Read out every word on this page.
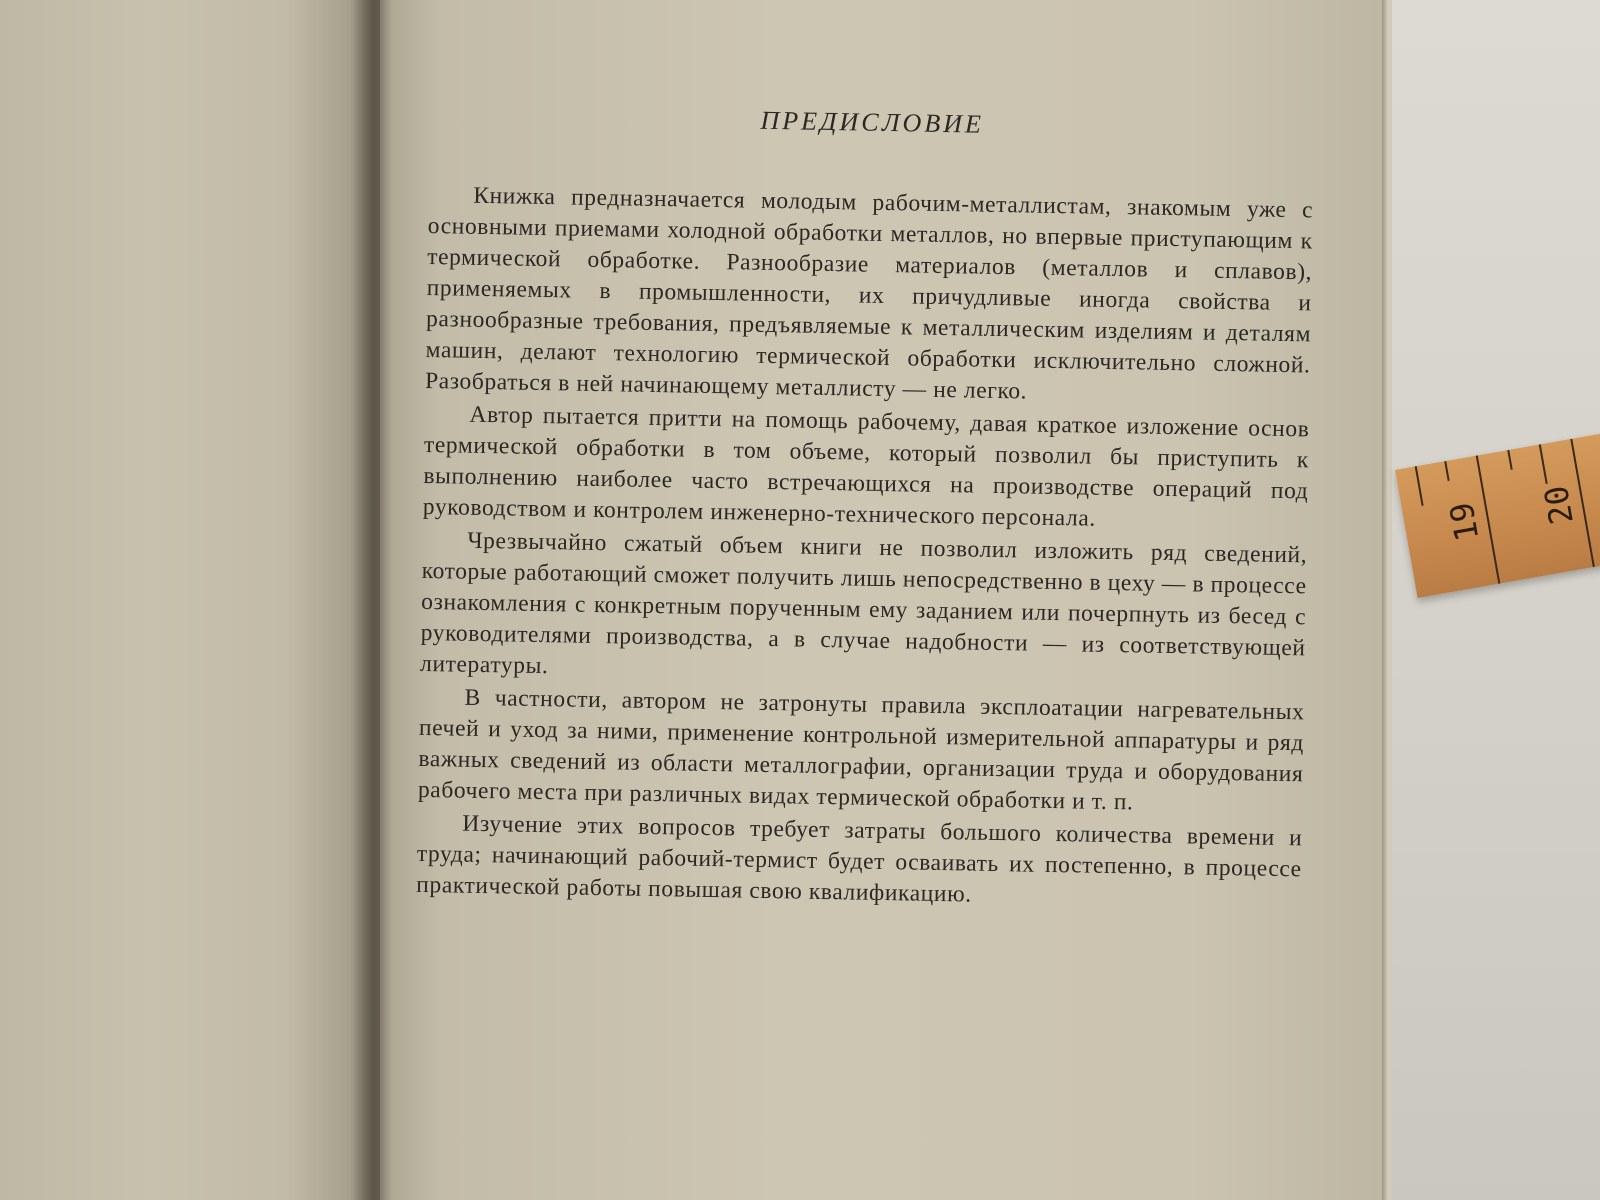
19 20
ПРЕДИСЛОВИЕ

Книжка предназначается молодым рабочим-металлистам, знакомым уже с основными приемами холодной обработки металлов, но впервые приступающим к термической обработке. Разнообразие материалов (металлов и сплавов), применяемых в промышленности, их причудливые иногда свойства и разнообразные требования, предъявляемые к металлическим изделиям и деталям машин, делают технологию термической обработки исключительно сложной. Разобраться в ней начинающему металлисту — не легко.

Автор пытается притти на помощь рабочему, давая краткое изложение основ термической обработки в том объеме, который позволил бы приступить к выполнению наиболее часто встречающихся на производстве операций под руководством и контролем инженерно-технического персонала.

Чрезвычайно сжатый объем книги не позволил изложить ряд сведений, которые работающий сможет получить лишь непосредственно в цеху — в процессе ознакомления с конкретным порученным ему заданием или почерпнуть из бесед с руководителями производства, а в случае надобности — из соответствующей литературы.

В частности, автором не затронуты правила эксплоатации нагревательных печей и уход за ними, применение контрольной измерительной аппаратуры и ряд важных сведений из области металлографии, организации труда и оборудования рабочего места при различных видах термической обработки и т. п.

Изучение этих вопросов требует затраты большого количества времени и труда; начинающий рабочий-термист будет осваивать их постепенно, в процессе практической работы повышая свою квалификацию.
